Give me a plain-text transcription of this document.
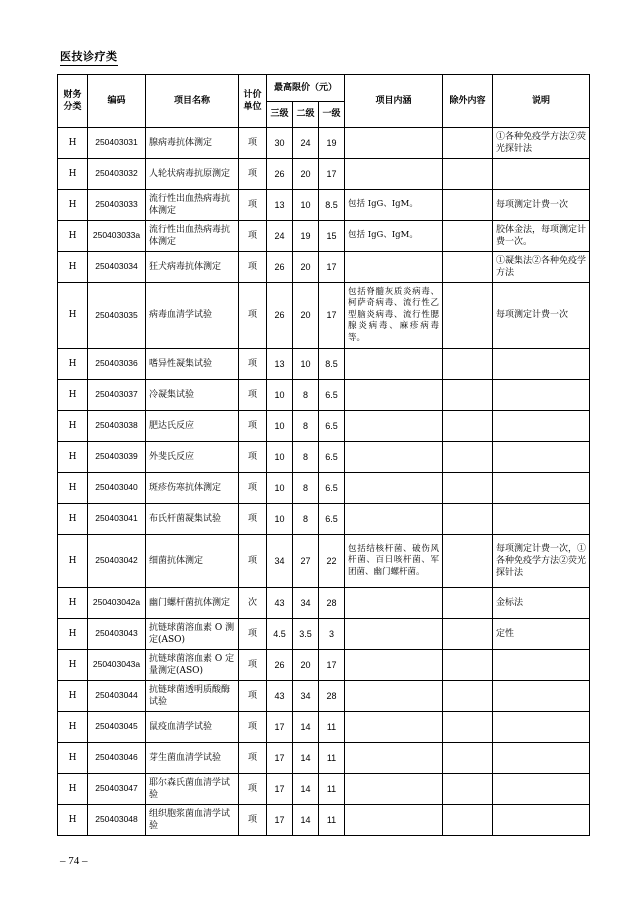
医技诊疗类
财务
分类	编码	项目名称	计价
单位	最高限价（元）			项目内涵	除外内容	说明
				三级	二级	一级			
H	250403031	腺病毒抗体测定	项	30	24	19			①各种免疫学方法②荧光探针法
H	250403032	人轮状病毒抗原测定	项	26	20	17			
H	250403033	流行性出血热病毒抗体测定	项	13	10	8.5	包括 IgG、IgM。		每项测定计费一次
H	250403033a	流行性出血热病毒抗体测定	项	24	19	15	包括 IgG、IgM。		胶体金法，每项测定计费一次。
H	250403034	狂犬病毒抗体测定	项	26	20	17			①凝集法②各种免疫学方法
H	250403035	病毒血清学试验	项	26	20	17	包括脊髓灰质炎病毒、柯萨奇病毒、流行性乙型脑炎病毒、流行性腮腺炎病毒、麻疹病毒等。		每项测定计费一次
H	250403036	嗜异性凝集试验	项	13	10	8.5			
H	250403037	冷凝集试验	项	10	8	6.5			
H	250403038	肥达氏反应	项	10	8	6.5			
H	250403039	外斐氏反应	项	10	8	6.5			
H	250403040	斑疹伤寒抗体测定	项	10	8	6.5			
H	250403041	布氏杆菌凝集试验	项	10	8	6.5			
H	250403042	细菌抗体测定	项	34	27	22	包括结核杆菌、破伤风杆菌、百日咳杆菌、军团菌、幽门螺杆菌。		每项测定计费一次，①各种免疫学方法②荧光探针法
H	250403042a	幽门螺杆菌抗体测定	次	43	34	28			金标法
H	250403043	抗链球菌溶血素 O 测定(ASO)	项	4.5	3.5	3			定性
H	250403043a	抗链球菌溶血素 O 定量测定(ASO)	项	26	20	17			
H	250403044	抗链球菌透明质酸酶试验	项	43	34	28			
H	250403045	鼠疫血清学试验	项	17	14	11			
H	250403046	芽生菌血清学试验	项	17	14	11			
H	250403047	耶尔森氏菌血清学试验	项	17	14	11			
H	250403048	组织胞浆菌血清学试验	项	17	14	11			
– 74 –
